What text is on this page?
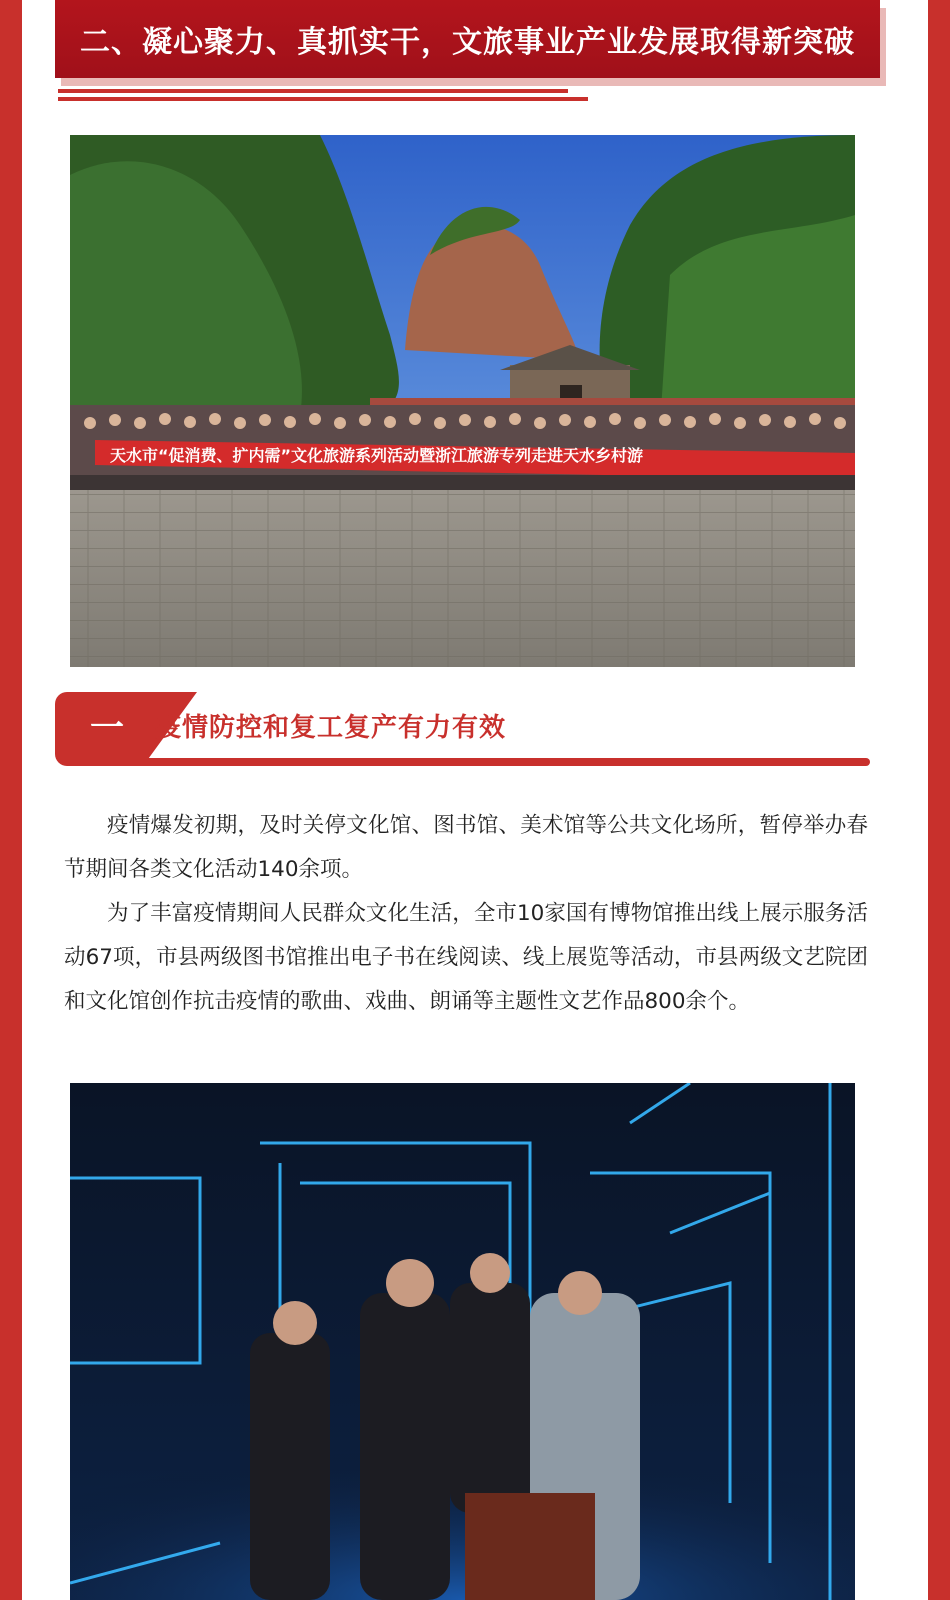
二、凝心聚力、真抓实干，文旅事业产业发展取得新突破
天水市“促消费、扩内需”文化旅游系列活动暨浙江旅游专列走进天水乡村游
一	疫情防控和复工复产有力有效

疫情爆发初期，及时关停文化馆、图书馆、美术馆等公共文化场所，暂停举办春节期间各类文化活动140余项。

为了丰富疫情期间人民群众文化生活，全市10家国有博物馆推出线上展示服务活动67项，市县两级图书馆推出电子书在线阅读、线上展览等活动，市县两级文艺院团和文化馆创作抗击疫情的歌曲、戏曲、朗诵等主题性文艺作品800余个。
